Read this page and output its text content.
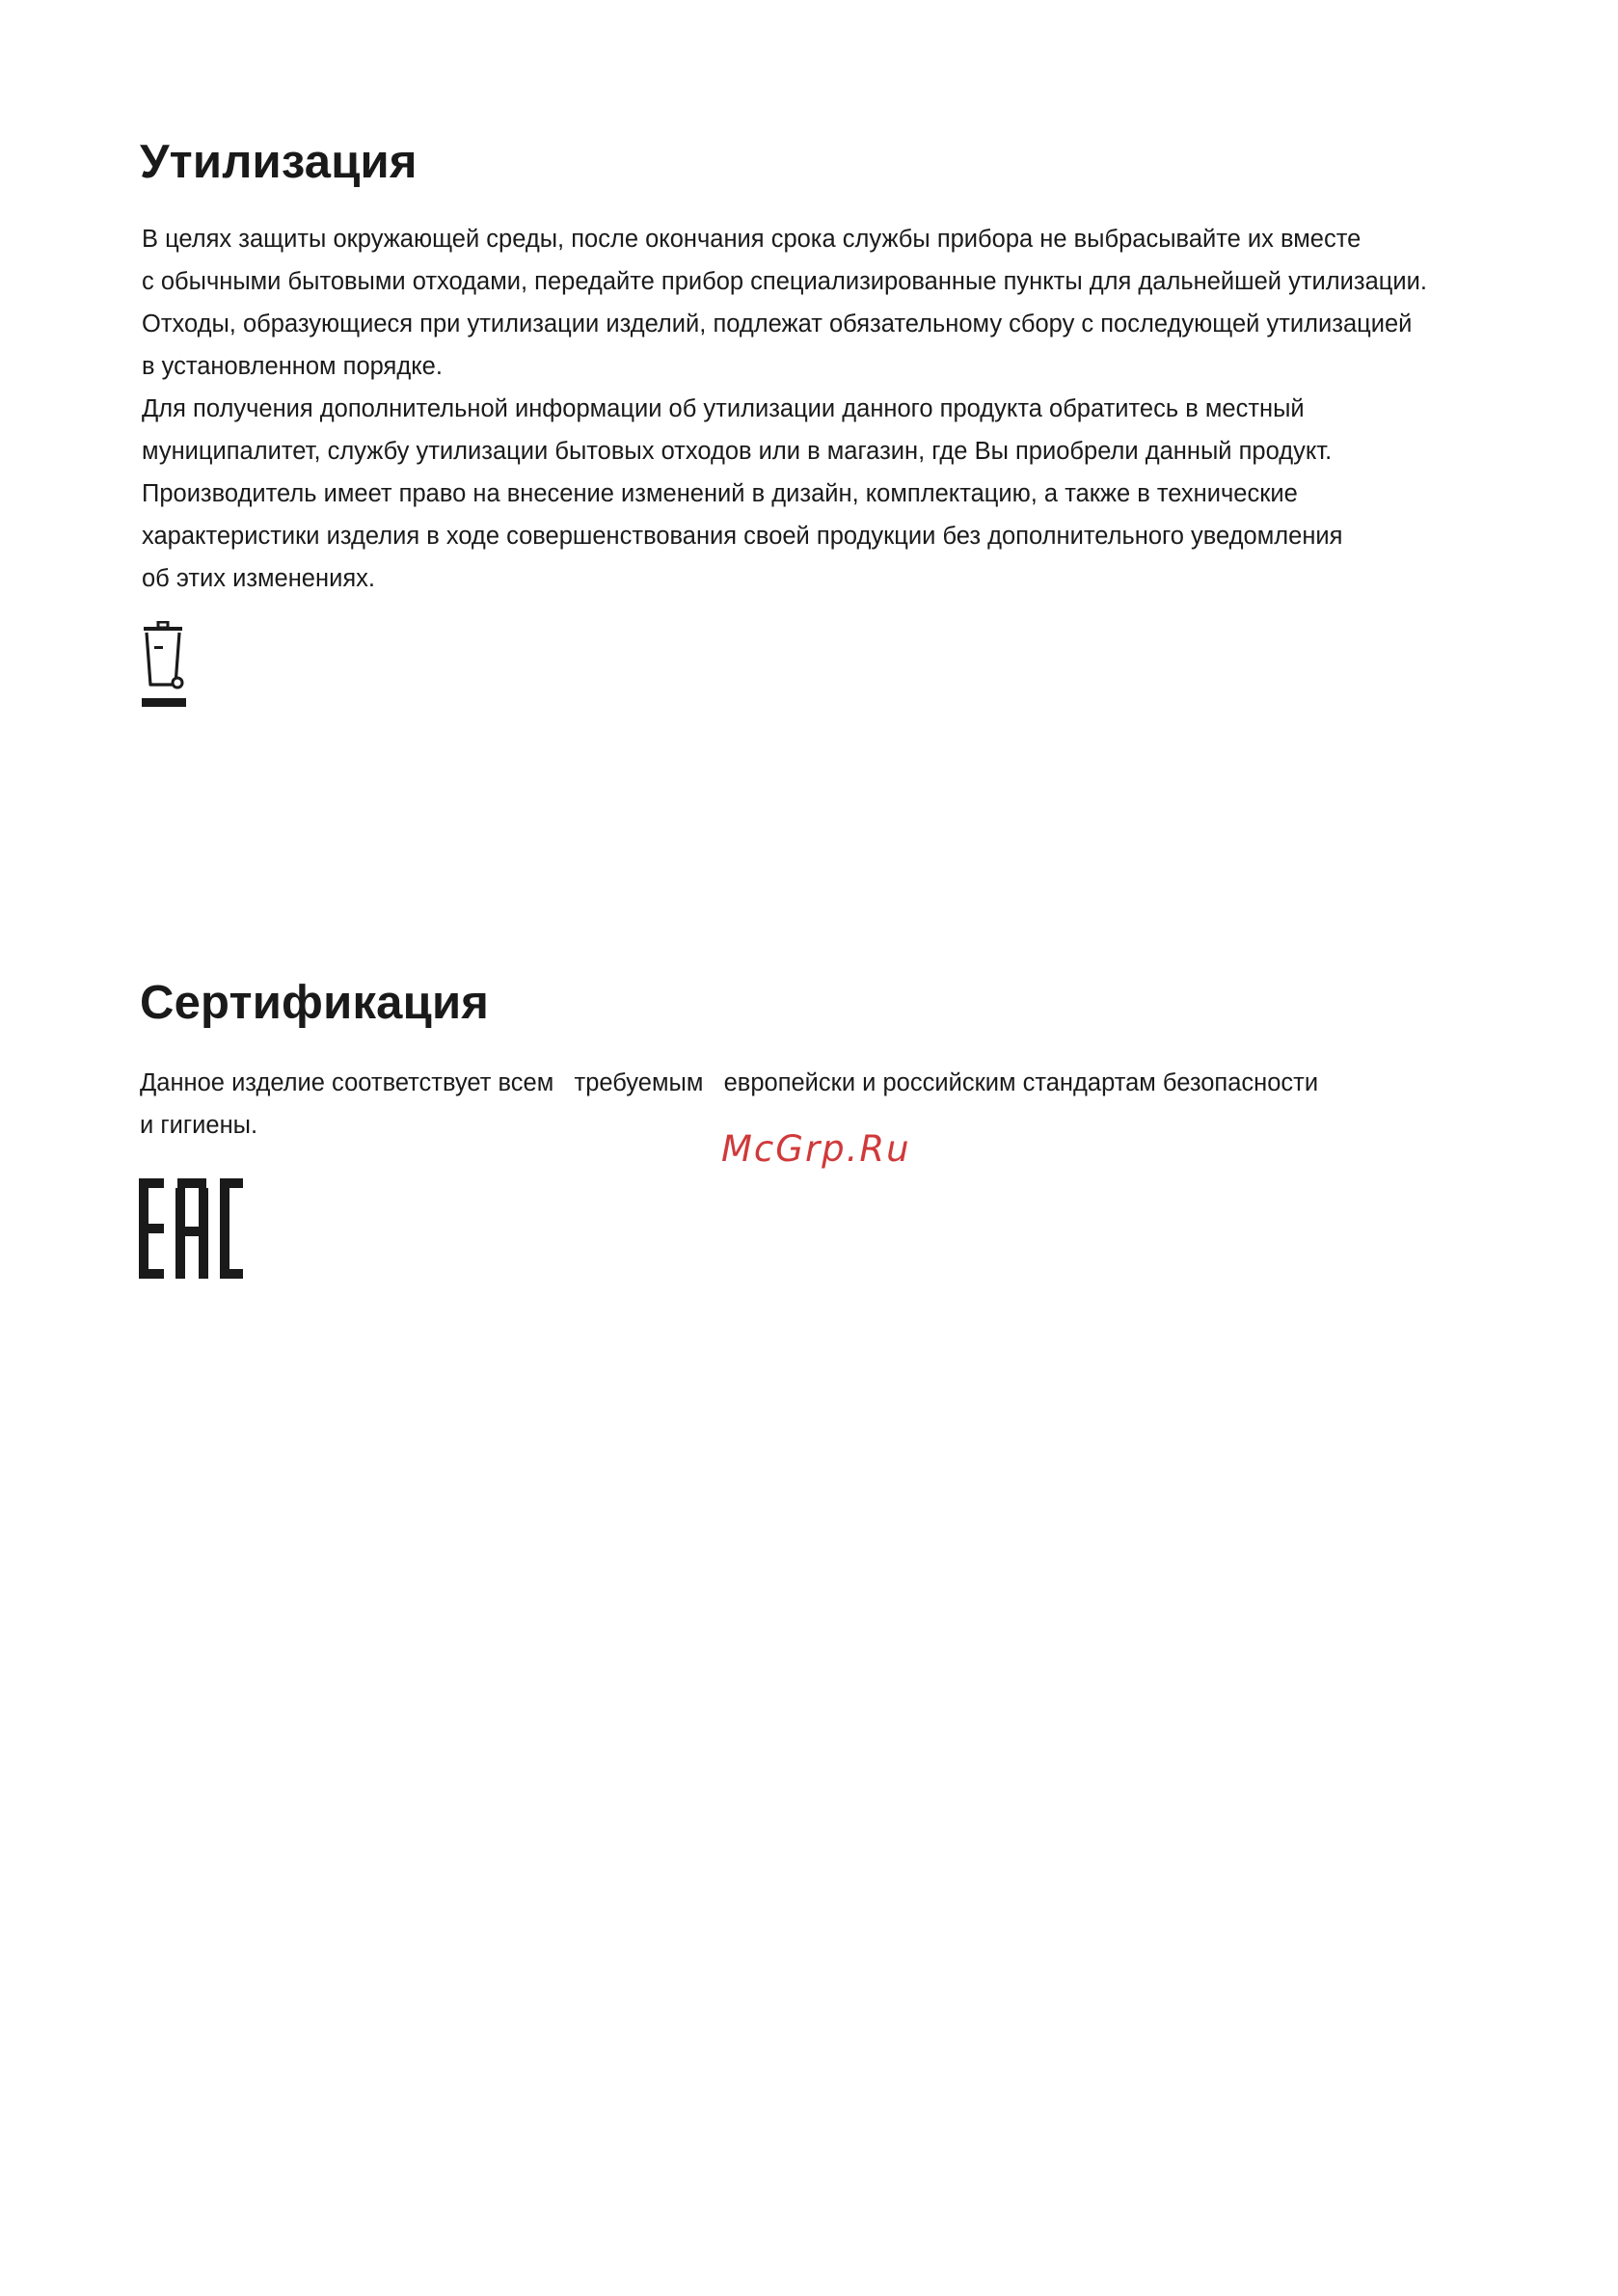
Утилизация

В целях защиты окружающей среды, после окончания срока службы прибора не выбрасывайте их вместе

с обычными бытовыми отходами, передайте прибор специализированные пункты для дальнейшей утилизации.

Отходы, образующиеся при утилизации изделий, подлежат обязательному сбору с последующей утилизацией

в установленном порядке.

Для получения дополнительной информации об утилизации данного продукта обратитесь в местный

муниципалитет, службу утилизации бытовых отходов или в магазин, где Вы приобрели данный продукт.

Производитель имеет право на внесение изменений в дизайн, комплектацию, а также в технические

характеристики изделия в ходе совершенствования своей продукции без дополнительного уведомления

об этих изменениях.

Сертификация

Данное изделие соответствует всем   требуемым   европейски и российским стандартам безопасности

и гигиены.

McGrp.Ru
